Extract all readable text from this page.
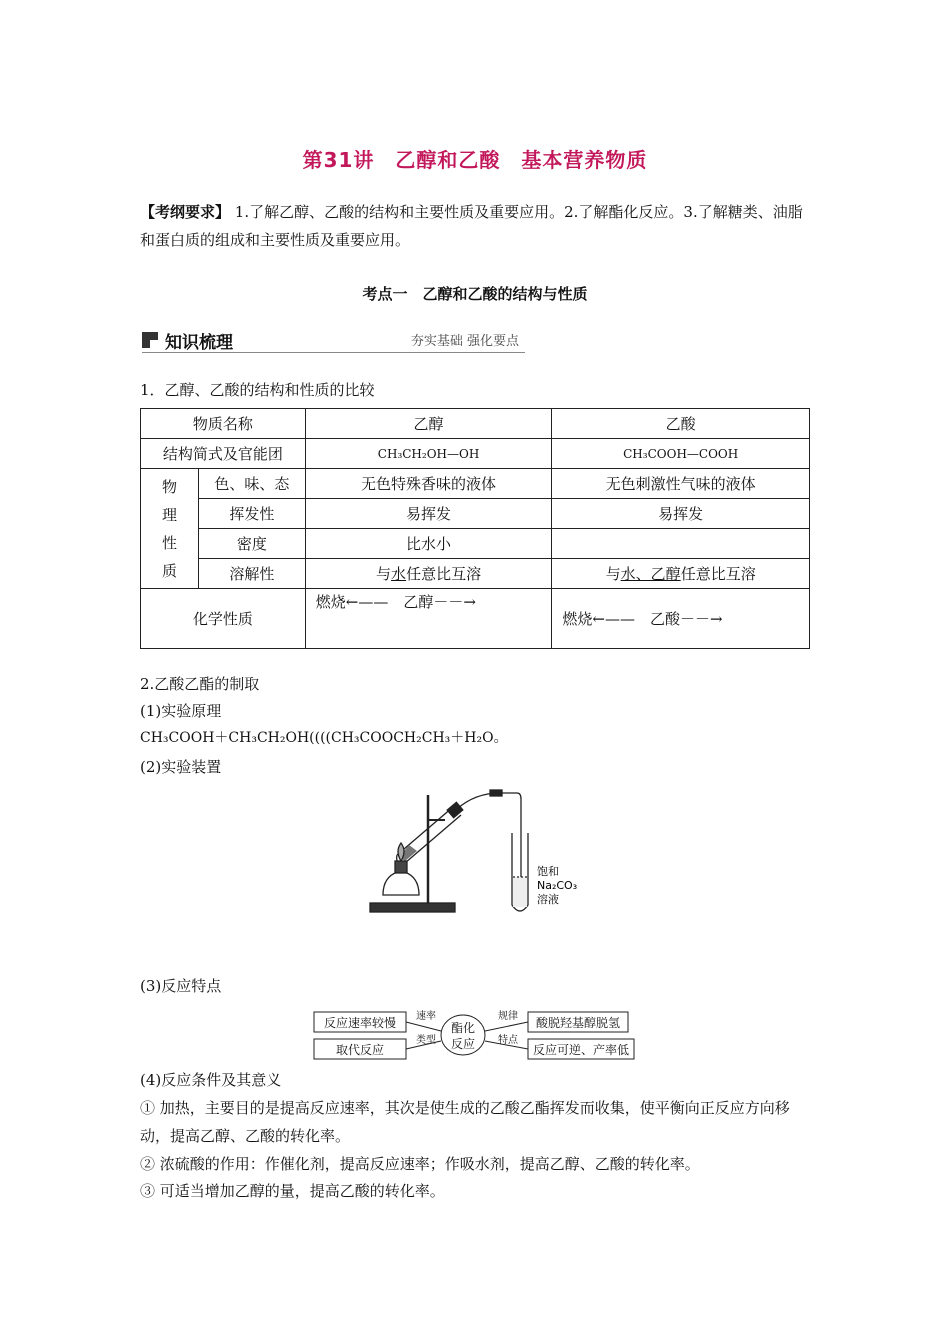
第31讲　乙醇和乙酸　基本营养物质
【考纲要求】 1.了解乙醇、乙酸的结构和主要性质及重要应用。2.了解酯化反应。3.了解糖类、油脂和蛋白质的组成和主要性质及重要应用。
考点一　乙醇和乙酸的结构与性质
知识梳理	夯实基础 强化要点
1．乙醇、乙酸的结构和性质的比较
物质名称		乙醇	乙酸
结构简式及官能团		CH₃CH₂OH—OH	CH₃COOH—COOH

物
理
性
质	色、味、态	无色特殊香味的液体	无色刺激性气味的液体
	挥发性	易挥发	易挥发
	密度	比水小	
	溶解性	与水任意比互溶	与水、乙醇任意比互溶
化学性质		燃烧←——　乙醇－－→	燃烧←——　乙酸－－→
2.乙酸乙酯的制取
(1)实验原理
CH₃COOH＋CH₃CH₂OH((((CH₃COOCH₂CH₃＋H₂O。
(2)实验装置
饱和
Na₂CO₃
溶液
(3)反应特点
反应速率较慢
取代反应
酸脱羟基醇脱氢
反应可逆、产率低
酯化
反应
速率
类型
规律
特点
(4)反应条件及其意义
① 加热，主要目的是提高反应速率，其次是使生成的乙酸乙酯挥发而收集，使平衡向正反应方向移动，提高乙醇、乙酸的转化率。
② 浓硫酸的作用：作催化剂，提高反应速率；作吸水剂，提高乙醇、乙酸的转化率。
③ 可适当增加乙醇的量，提高乙酸的转化率。
